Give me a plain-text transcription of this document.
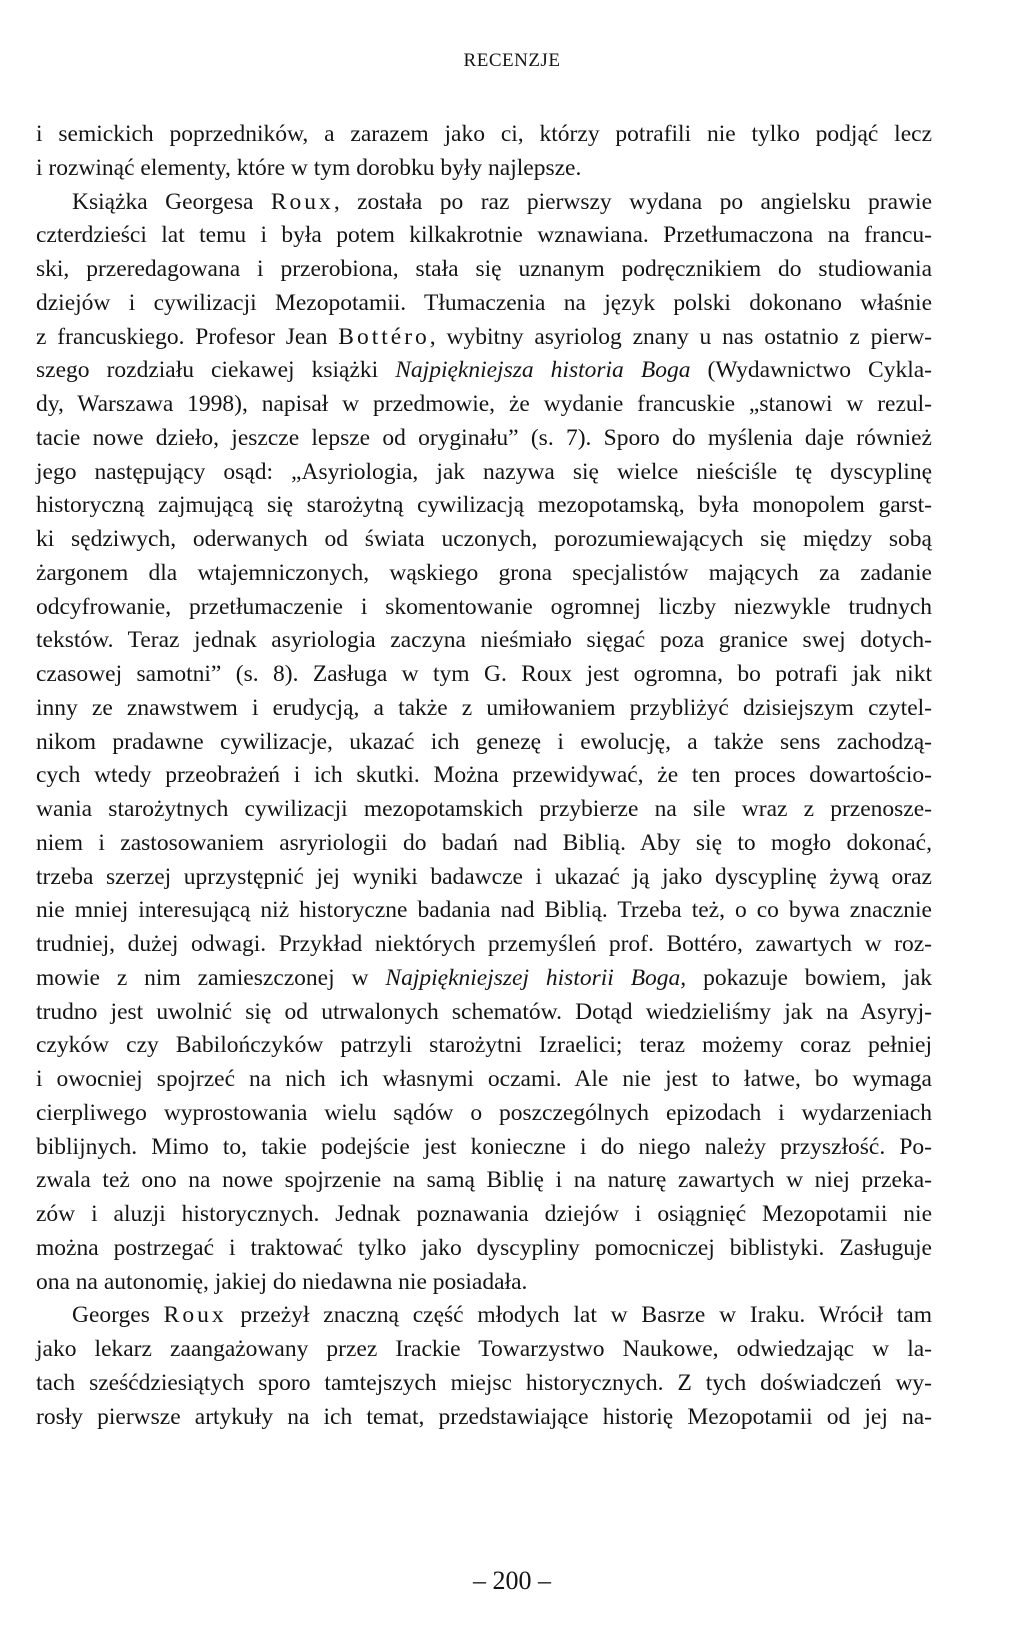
RECENZJE
i semickich poprzedników, a zarazem jako ci, którzy potrafili nie tylko podjąć lecz
i rozwinąć elementy, które w tym dorobku były najlepsze.
Książka Georgesa Roux, została po raz pierwszy wydana po angielsku prawie
czterdzieści lat temu i była potem kilkakrotnie wznawiana. Przetłumaczona na francu-
ski, przeredagowana i przerobiona, stała się uznanym podręcznikiem do studiowania
dziejów i cywilizacji Mezopotamii. Tłumaczenia na język polski dokonano właśnie
z francuskiego. Profesor Jean Bottéro, wybitny asyriolog znany u nas ostatnio z pierw-
szego rozdziału ciekawej książki Najpiękniejsza historia Boga (Wydawnictwo Cykla-
dy, Warszawa 1998), napisał w przedmowie, że wydanie francuskie „stanowi w rezul-
tacie nowe dzieło, jeszcze lepsze od oryginału” (s. 7). Sporo do myślenia daje również
jego następujący osąd: „Asyriologia, jak nazywa się wielce nieściśle tę dyscyplinę
historyczną zajmującą się starożytną cywilizacją mezopotamską, była monopolem garst-
ki sędziwych, oderwanych od świata uczonych, porozumiewających się między sobą
żargonem dla wtajemniczonych, wąskiego grona specjalistów mających za zadanie
odcyfrowanie, przetłumaczenie i skomentowanie ogromnej liczby niezwykle trudnych
tekstów. Teraz jednak asyriologia zaczyna nieśmiało sięgać poza granice swej dotych-
czasowej samotni” (s. 8). Zasługa w tym G. Roux jest ogromna, bo potrafi jak nikt
inny ze znawstwem i erudycją, a także z umiłowaniem przybliżyć dzisiejszym czytel-
nikom pradawne cywilizacje, ukazać ich genezę i ewolucję, a także sens zachodzą-
cych wtedy przeobrażeń i ich skutki. Można przewidywać, że ten proces dowartościo-
wania starożytnych cywilizacji mezopotamskich przybierze na sile wraz z przenosze-
niem i zastosowaniem asryriologii do badań nad Biblią. Aby się to mogło dokonać,
trzeba szerzej uprzystępnić jej wyniki badawcze i ukazać ją jako dyscyplinę żywą oraz
nie mniej interesującą niż historyczne badania nad Biblią. Trzeba też, o co bywa znacznie
trudniej, dużej odwagi. Przykład niektórych przemyśleń prof. Bottéro, zawartych w roz-
mowie z nim zamieszczonej w Najpiękniejszej historii Boga, pokazuje bowiem, jak
trudno jest uwolnić się od utrwalonych schematów. Dotąd wiedzieliśmy jak na Asyryj-
czyków czy Babilończyków patrzyli starożytni Izraelici; teraz możemy coraz pełniej
i owocniej spojrzeć na nich ich własnymi oczami. Ale nie jest to łatwe, bo wymaga
cierpliwego wyprostowania wielu sądów o poszczególnych epizodach i wydarzeniach
biblijnych. Mimo to, takie podejście jest konieczne i do niego należy przyszłość. Po-
zwala też ono na nowe spojrzenie na samą Biblię i na naturę zawartych w niej przeka-
zów i aluzji historycznych. Jednak poznawania dziejów i osiągnięć Mezopotamii nie
można postrzegać i traktować tylko jako dyscypliny pomocniczej biblistyki. Zasługuje
ona na autonomię, jakiej do niedawna nie posiadała.
Georges Roux przeżył znaczną część młodych lat w Basrze w Iraku. Wrócił tam
jako lekarz zaangażowany przez Irackie Towarzystwo Naukowe, odwiedzając w la-
tach sześćdziesiątych sporo tamtejszych miejsc historycznych. Z tych doświadczeń wy-
rosły pierwsze artykuły na ich temat, przedstawiające historię Mezopotamii od jej na-
– 200 –
